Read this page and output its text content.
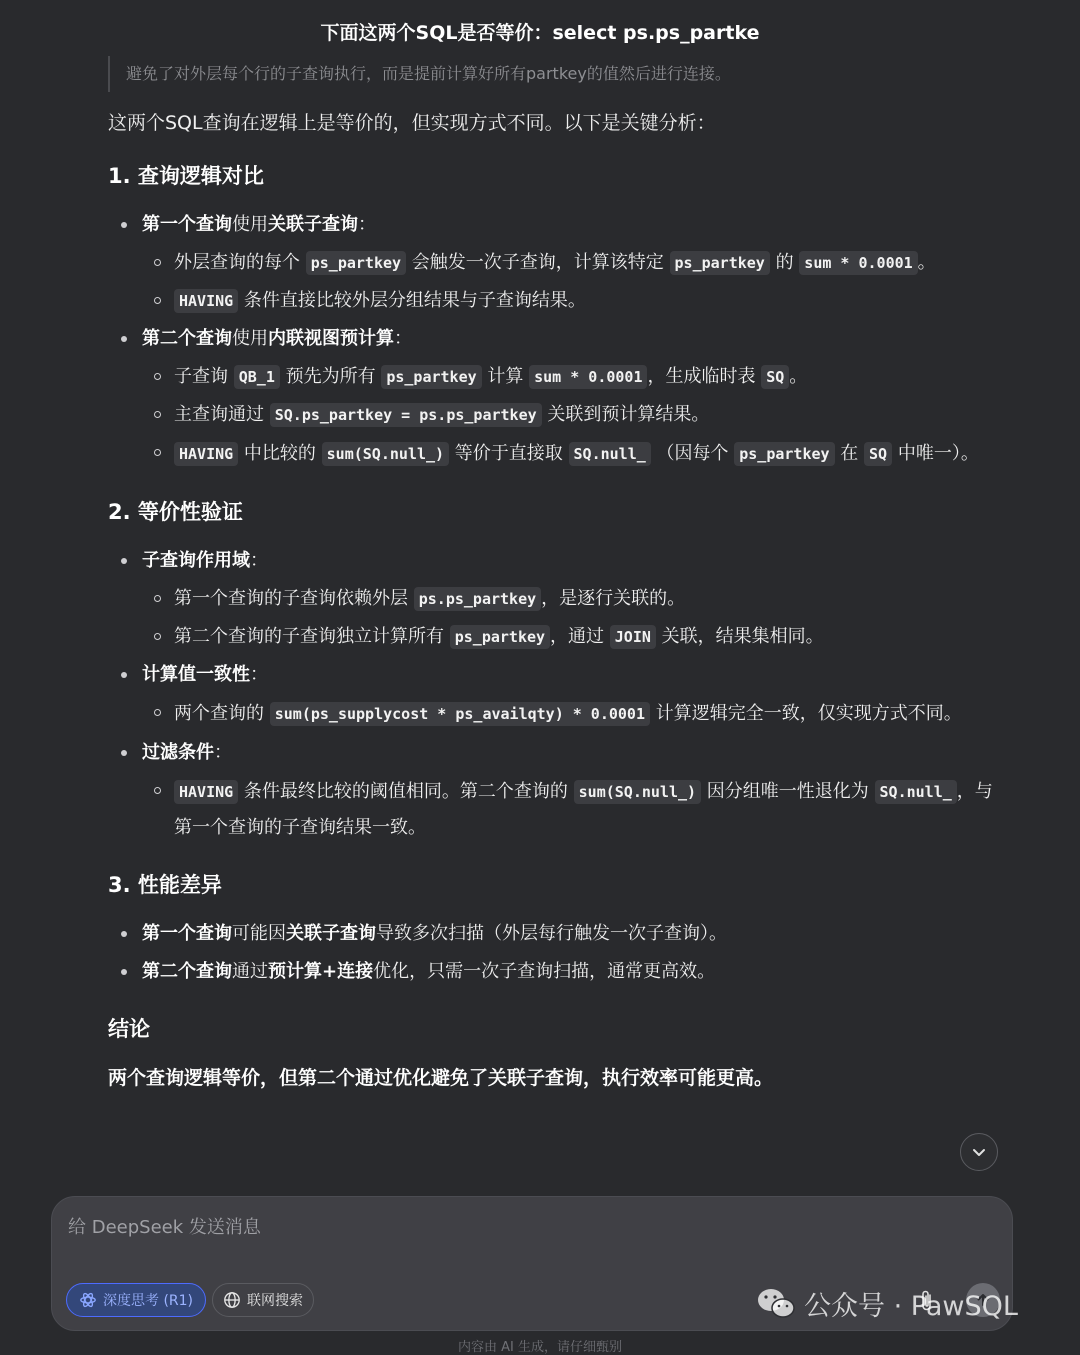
下面这两个SQL是否等价：select ps.ps_partke
避免了对外层每个行的子查询执行，而是提前计算好所有partkey的值然后进行连接。
这两个SQL查询在逻辑上是等价的，但实现方式不同。以下是关键分析：
1. 查询逻辑对比
第一个查询使用关联子查询：
外层查询的每个 ps_partkey 会触发一次子查询，计算该特定 ps_partkey 的 sum * 0.0001 。
HAVING 条件直接比较外层分组结果与子查询结果。
第二个查询使用内联视图预计算：
子查询 QB_1 预先为所有 ps_partkey 计算 sum * 0.0001 ，生成临时表 SQ 。
主查询通过 SQ.ps_partkey = ps.ps_partkey 关联到预计算结果。
HAVING 中比较的 sum(SQ.null_) 等价于直接取 SQ.null_ （因每个 ps_partkey 在 SQ 中唯一）。
2. 等价性验证
子查询作用域：
第一个查询的子查询依赖外层 ps.ps_partkey ，是逐行关联的。
第二个查询的子查询独立计算所有 ps_partkey ，通过 JOIN 关联，结果集相同。
计算值一致性：
两个查询的 sum(ps_supplycost * ps_availqty) * 0.0001 计算逻辑完全一致，仅实现方式不同。
过滤条件：
HAVING 条件最终比较的阈值相同。第二个查询的 sum(SQ.null_) 因分组唯一性退化为 SQ.null_ ，与第一个查询的子查询结果一致。
3. 性能差异
第一个查询可能因关联子查询导致多次扫描（外层每行触发一次子查询）。
第二个查询通过预计算+连接优化，只需一次子查询扫描，通常更高效。
结论
两个查询逻辑等价，但第二个通过优化避免了关联子查询，执行效率可能更高。
给 DeepSeek 发送消息
深度思考 (R1)	联网搜索	公众号 · PawSQL
内容由 AI 生成，请仔细甄别
